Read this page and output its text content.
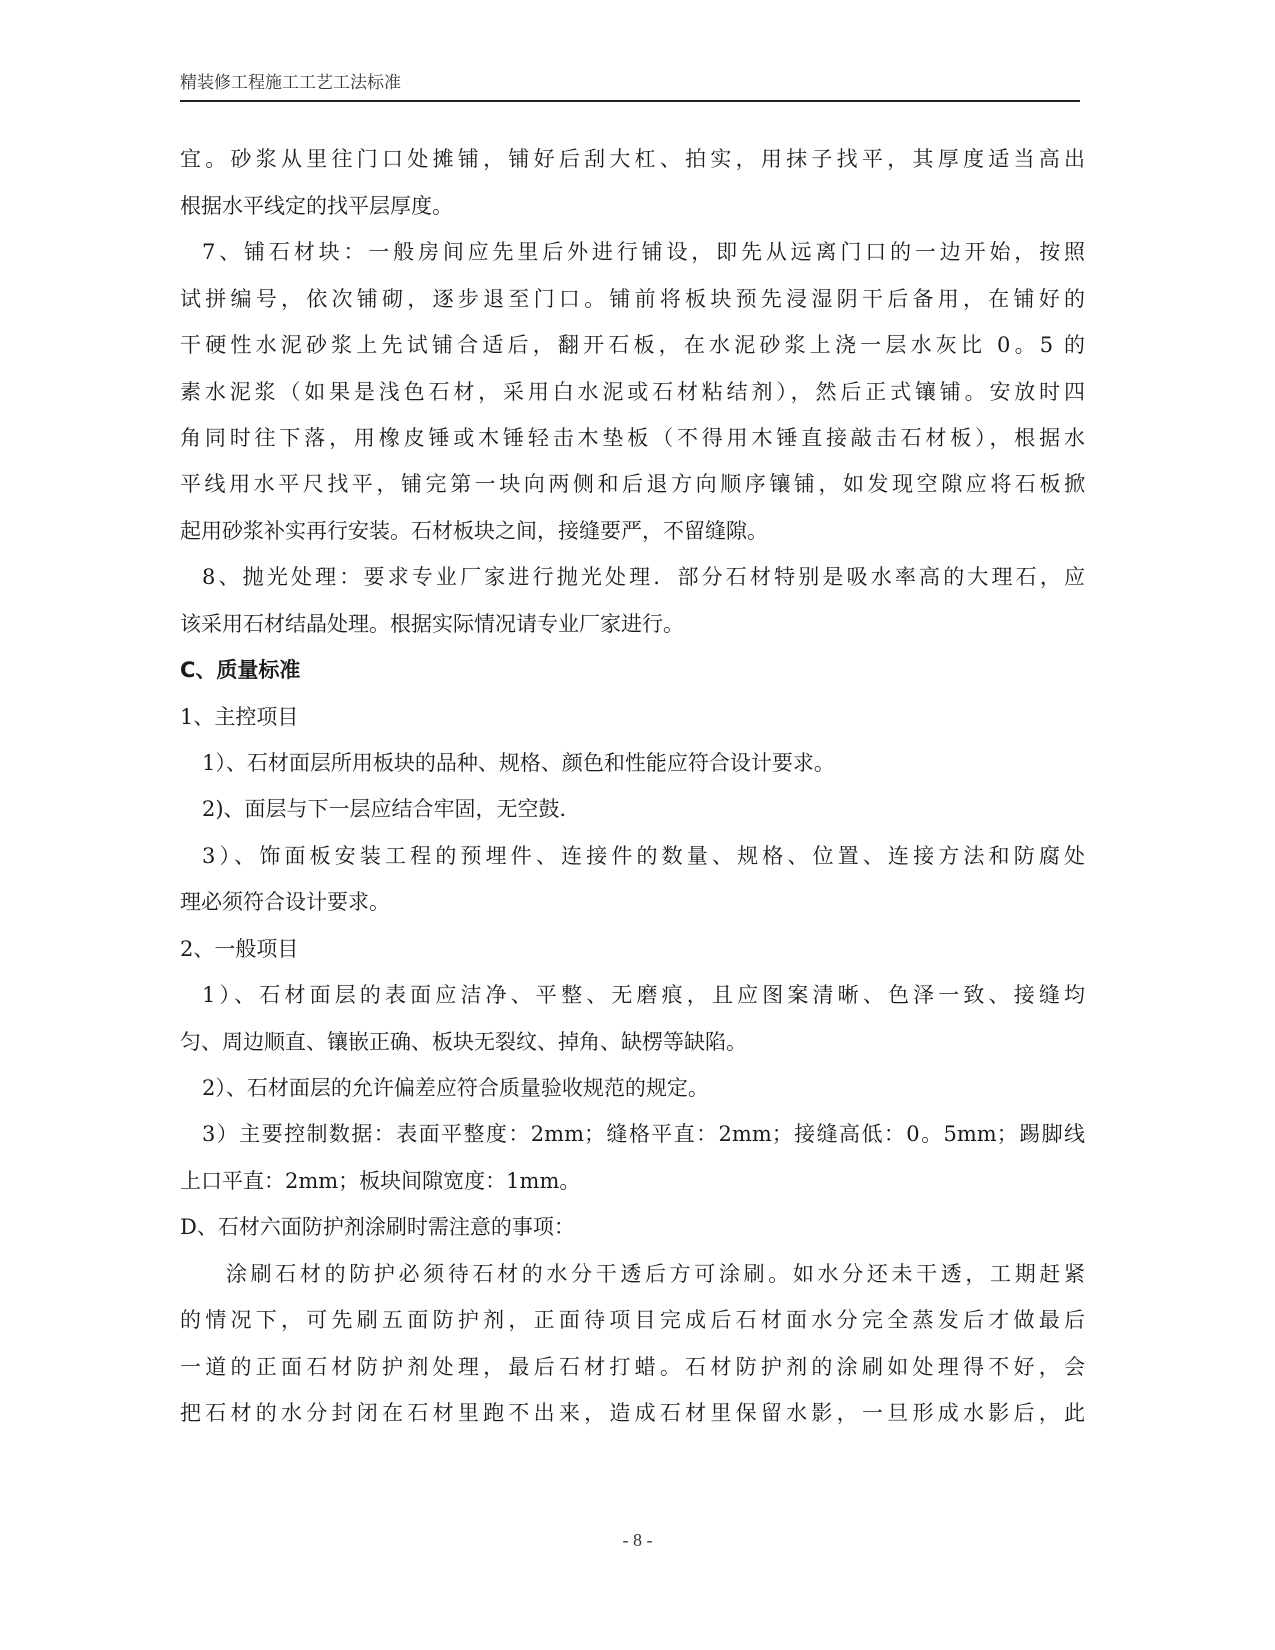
精装修工程施工工艺工法标准
宜。砂浆从里往门口处摊铺，铺好后刮大杠、拍实，用抹子找平，其厚度适当高出
根据水平线定的找平层厚度。
7、铺石材块：一般房间应先里后外进行铺设，即先从远离门口的一边开始，按照
试拼编号，依次铺砌，逐步退至门口。铺前将板块预先浸湿阴干后备用，在铺好的
干硬性水泥砂浆上先试铺合适后，翻开石板，在水泥砂浆上浇一层水灰比 0。5 的
素水泥浆（如果是浅色石材，采用白水泥或石材粘结剂），然后正式镶铺。安放时四
角同时往下落，用橡皮锤或木锤轻击木垫板（不得用木锤直接敲击石材板），根据水
平线用水平尺找平，铺完第一块向两侧和后退方向顺序镶铺，如发现空隙应将石板掀
起用砂浆补实再行安装。石材板块之间，接缝要严，不留缝隙。
8、抛光处理：要求专业厂家进行抛光处理．部分石材特别是吸水率高的大理石，应
该采用石材结晶处理。根据实际情况请专业厂家进行。
C、质量标准
1、主控项目
1）、石材面层所用板块的品种、规格、颜色和性能应符合设计要求。
2)、面层与下一层应结合牢固，无空鼓．
3）、饰面板安装工程的预埋件、连接件的数量、规格、位置、连接方法和防腐处
理必须符合设计要求。
2、一般项目
1）、石材面层的表面应洁净、平整、无磨痕，且应图案清晰、色泽一致、接缝均
匀、周边顺直、镶嵌正确、板块无裂纹、掉角、缺楞等缺陷。
2）、石材面层的允许偏差应符合质量验收规范的规定。
3）主要控制数据：表面平整度：2mm；缝格平直：2mm；接缝高低：0。5mm；踢脚线
上口平直：2mm；板块间隙宽度：1mm。
D、石材六面防护剂涂刷时需注意的事项：
涂刷石材的防护必须待石材的水分干透后方可涂刷。如水分还未干透，工期赶紧
的情况下，可先刷五面防护剂，正面待项目完成后石材面水分完全蒸发后才做最后
一道的正面石材防护剂处理，最后石材打蜡。石材防护剂的涂刷如处理得不好，会
把石材的水分封闭在石材里跑不出来，造成石材里保留水影，一旦形成水影后，此
- 8 -
